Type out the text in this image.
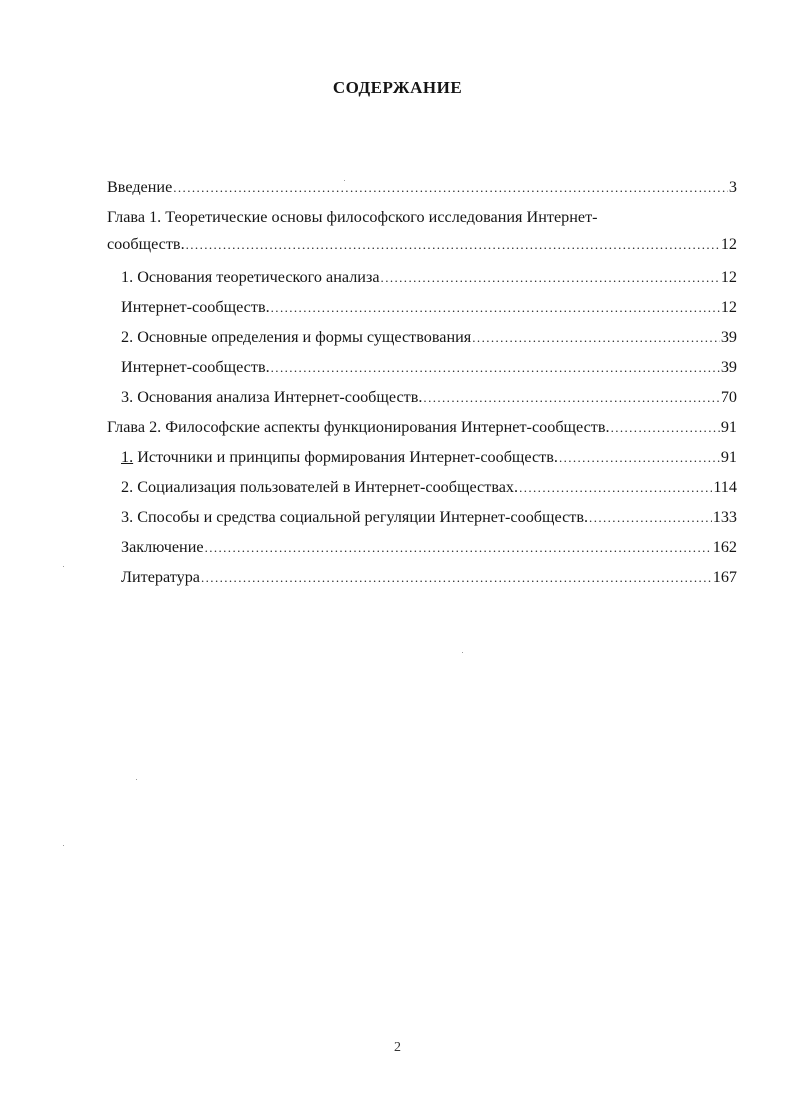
СОДЕРЖАНИЕ
Введение .....	3
Глава 1. Теоретические основы философского исследования Интернет-
сообществ. .....	12
1. Основания теоретического анализа .....	12
Интернет-сообществ. .....	12
2. Основные определения и формы существования .....	39
Интернет-сообществ. .....	39
3. Основания анализа Интернет-сообществ. .....	70
Глава 2. Философские аспекты функционирования Интернет-сообществ. .....	91
1. Источники и принципы формирования Интернет-сообществ. .....	91
2. Социализация пользователей в Интернет-сообществах. .....	114
3. Способы и средства социальной регуляции Интернет-сообществ. .....	133
Заключение .....	162
Литература .....	167
2
